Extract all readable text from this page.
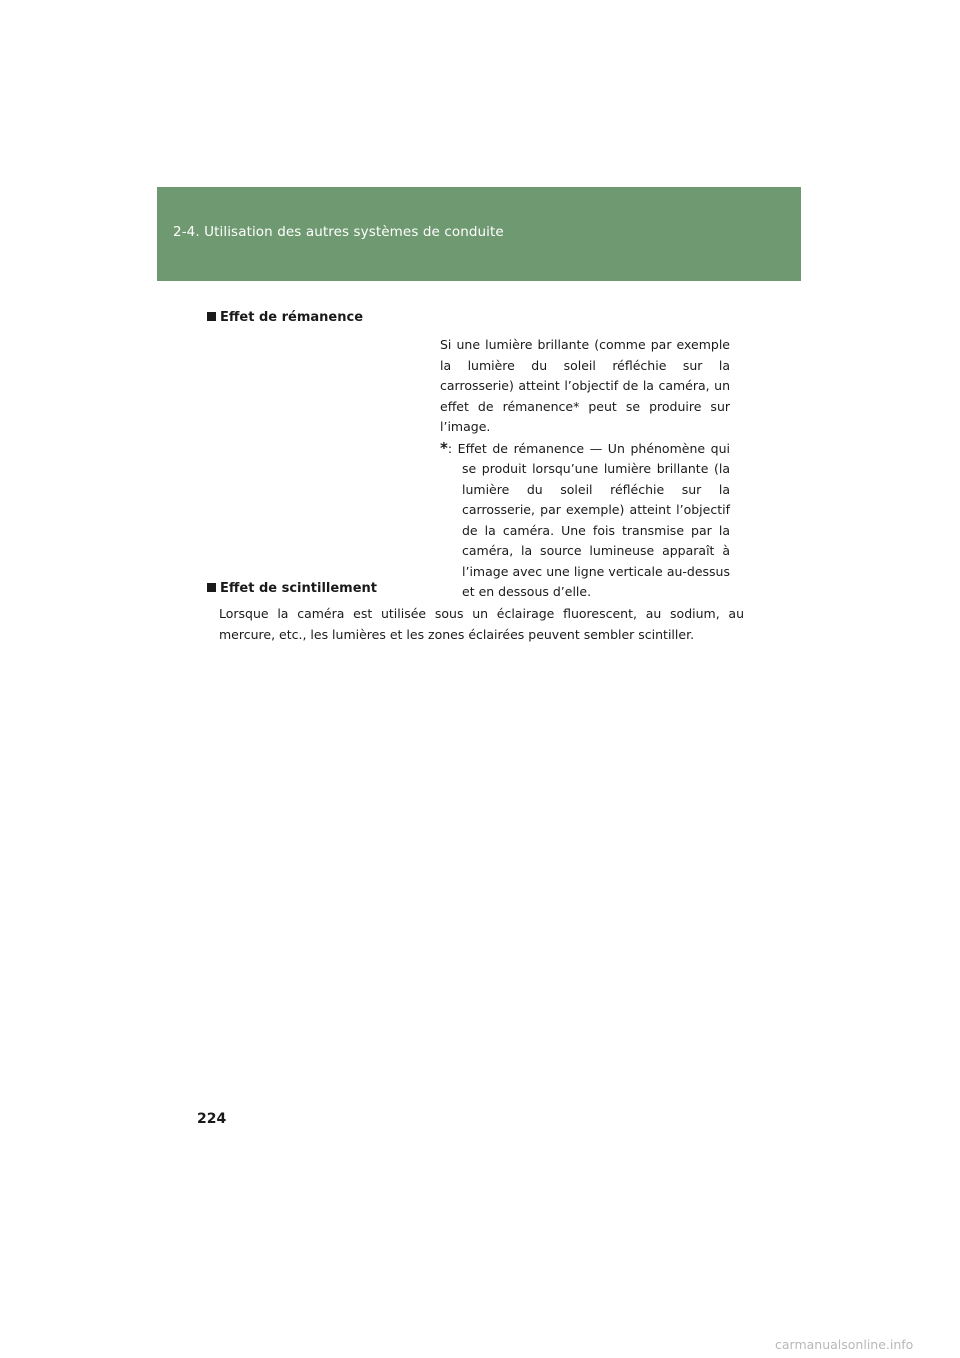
2-4. Utilisation des autres systèmes de conduite
Effet de rémanence

Si une lumière brillante (comme par exemple la lumière du soleil réfléchie sur la carrosserie) atteint l’objectif de la caméra, un effet de rémanence* peut se produire sur l’image.

*: Effet de rémanence — Un phénomène qui se produit lorsqu’une lumière brillante (la lumière du soleil réfléchie sur la carrosserie, par exemple) atteint l’objectif de la caméra. Une fois transmise par la caméra, la source lumineuse apparaît à l’image avec une ligne verticale au-dessus et en dessous d’elle.

Effet de scintillement

Lorsque la caméra est utilisée sous un éclairage fluorescent, au sodium, au mercure, etc., les lumières et les zones éclairées peuvent sembler scintiller.

224
carmanualsonline.info
